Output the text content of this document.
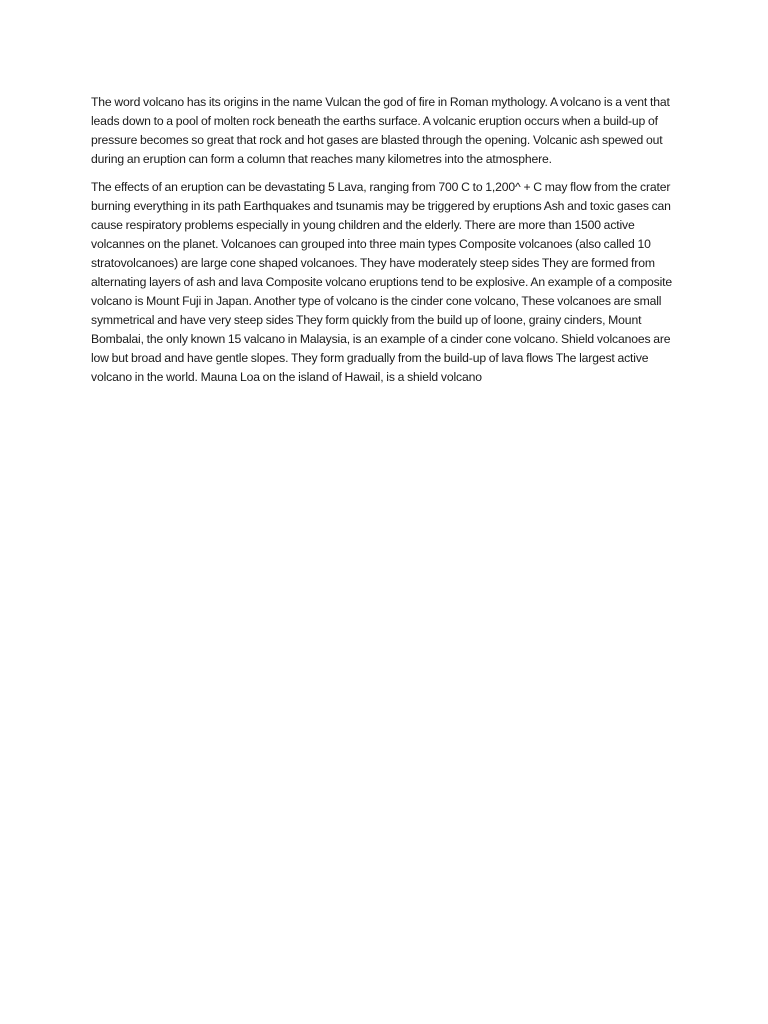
The word volcano has its origins in the name Vulcan the god of fire in Roman mythology. A volcano is a vent that leads down to a pool of molten rock beneath the earths surface. A volcanic eruption occurs when a build-up of pressure becomes so great that rock and hot gases are blasted through the opening. Volcanic ash spewed out during an eruption can form a column that reaches many kilometres into the atmosphere.

The effects of an eruption can be devastating 5 Lava, ranging from 700 C to 1,200^ + C may flow from the crater burning everything in its path Earthquakes and tsunamis may be triggered by eruptions Ash and toxic gases can cause respiratory problems especially in young children and the elderly. There are more than 1500 active volcannes on the planet. Volcanoes can grouped into three main types Composite volcanoes (also called 10 stratovolcanoes) are large cone shaped volcanoes. They have moderately steep sides They are formed from alternating layers of ash and lava Composite volcano eruptions tend to be explosive. An example of a composite volcano is Mount Fuji in Japan. Another type of volcano is the cinder cone volcano, These volcanoes are small symmetrical and have very steep sides They form quickly from the build up of loone, grainy cinders, Mount Bombalai, the only known 15 valcano in Malaysia, is an example of a cinder cone volcano. Shield volcanoes are low but broad and have gentle slopes. They form gradually from the build-up of lava flows The largest active volcano in the world. Mauna Loa on the island of Hawail, is a shield volcano
